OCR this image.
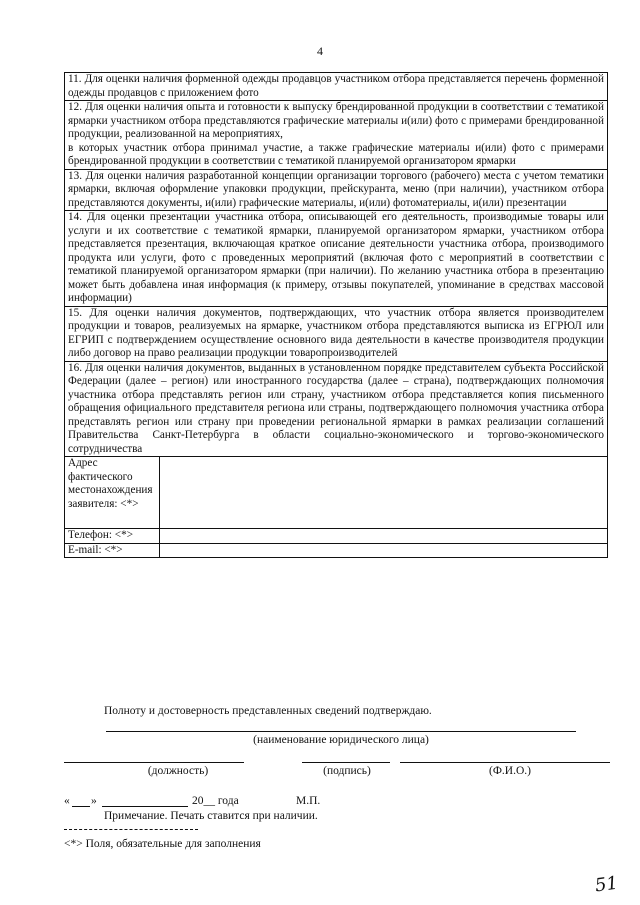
4
11. Для оценки наличия форменной одежды продавцов участником отбора представляется перечень форменной одежды продавцов с приложением фото	

12. Для оценки наличия опыта и готовности к выпуску брендированной продукции в соответствии с тематикой ярмарки участником отбора представляются графические материалы и(или) фото с примерами брендированной продукции, реализованной на мероприятиях,
в которых участник отбора принимал участие, а также графические материалы и(или) фото с примерами брендированной продукции в соответствии с тематикой планируемой организатором ярмарки	

13. Для оценки наличия разработанной концепции организации торгового (рабочего) места с учетом тематики ярмарки, включая оформление упаковки продукции, прейскуранта, меню (при наличии), участником отбора представляются документы, и(или) графические материалы, и(или) фотоматериалы, и(или) презентации	
14. Для оценки презентации участника отбора, описывающей его деятельность, производимые товары или услуги и их соответствие с тематикой ярмарки, планируемой организатором ярмарки, участником отбора представляется презентация, включающая краткое описание деятельности участника отбора, производимого продукта или услуги, фото с проведенных мероприятий (включая фото с мероприятий в соответствии с тематикой планируемой организатором ярмарки (при наличии). По желанию участника отбора в презентацию может быть добавлена иная информация (к примеру, отзывы покупателей, упоминание в средствах массовой информации)	
15. Для оценки наличия документов, подтверждающих, что участник отбора является производителем продукции и товаров, реализуемых на ярмарке, участником отбора представляются выписка из ЕГРЮЛ или ЕГРИП с подтверждением осуществление основного вида деятельности в качестве производителя продукции либо договор на право реализации продукции товаропроизводителей	
16. Для оценки наличия документов, выданных в установленном порядке представителем субъекта Российской Федерации (далее – регион) или иностранного государства (далее – страна), подтверждающих полномочия участника отбора представлять регион или страну, участником отбора представляется копия письменного обращения официального представителя региона или страны, подтверждающего полномочия участника отбора представлять регион или страну при проведении региональной ярмарки в рамках реализации соглашений Правительства Санкт-Петербурга в области социально-экономического и торгово-экономического сотрудничества	
Адрес фактического местонахождения заявителя: <*>	
Телефон: <*>	
E-mail: <*>	
Полноту и достоверность представленных сведений подтверждаю.
(наименование юридического лица)
(должность)	(подпись)	(Ф.И.О.)
« »	20__ года	М.П.
Примечание. Печать ставится при наличии.
<*> Поля, обязательные для заполнения
51
